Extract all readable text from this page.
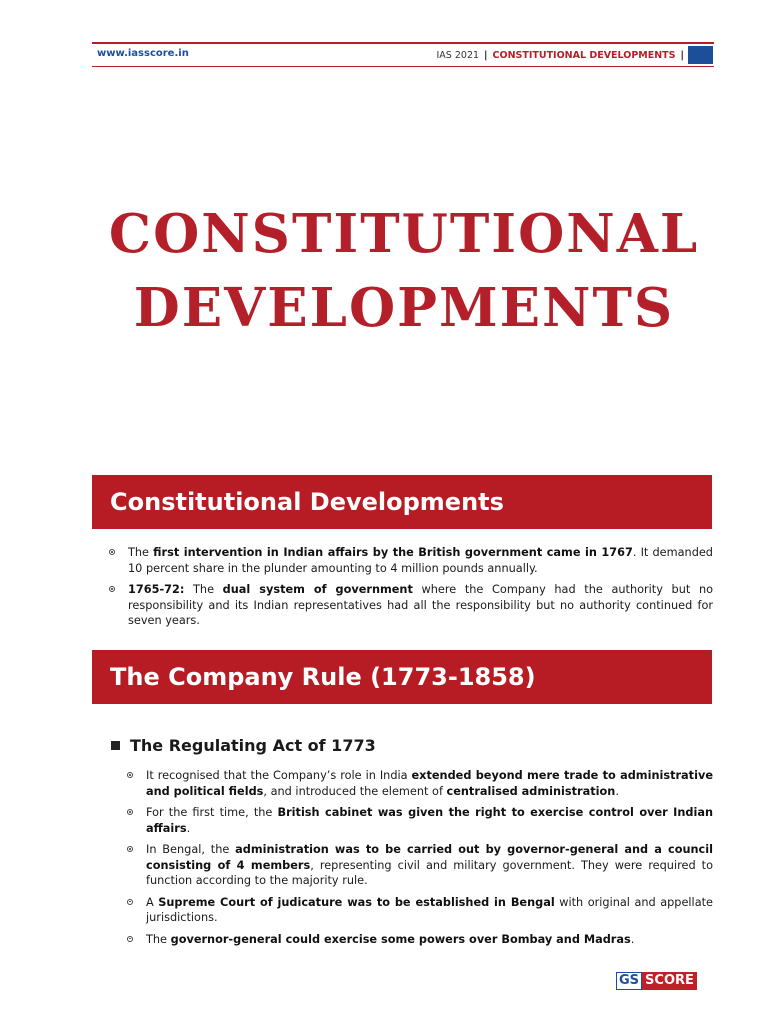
www.iasscore.in	IAS 2021 | CONSTITUTIONAL DEVELOPMENTS |
CONSTITUTIONAL
DEVELOPMENTS
Constitutional Developments
The first intervention in Indian affairs by the British government came in 1767. It demanded 10 percent share in the plunder amounting to 4 million pounds annually.
1765-72: The dual system of government where the Company had the authority but no responsibility and its Indian representatives had all the responsibility but no authority continued for seven years.
The Company Rule (1773-1858)
The Regulating Act of 1773
It recognised that the Company’s role in India extended beyond mere trade to administrative and political fields, and introduced the element of centralised administration.
For the first time, the British cabinet was given the right to exercise control over Indian affairs.
In Bengal, the administration was to be carried out by governor-general and a council consisting of 4 members, representing civil and military government. They were required to function according to the majority rule.
A Supreme Court of judicature was to be established in Bengal with original and appellate jurisdictions.
The governor-general could exercise some powers over Bombay and Madras.
GS SCORE
